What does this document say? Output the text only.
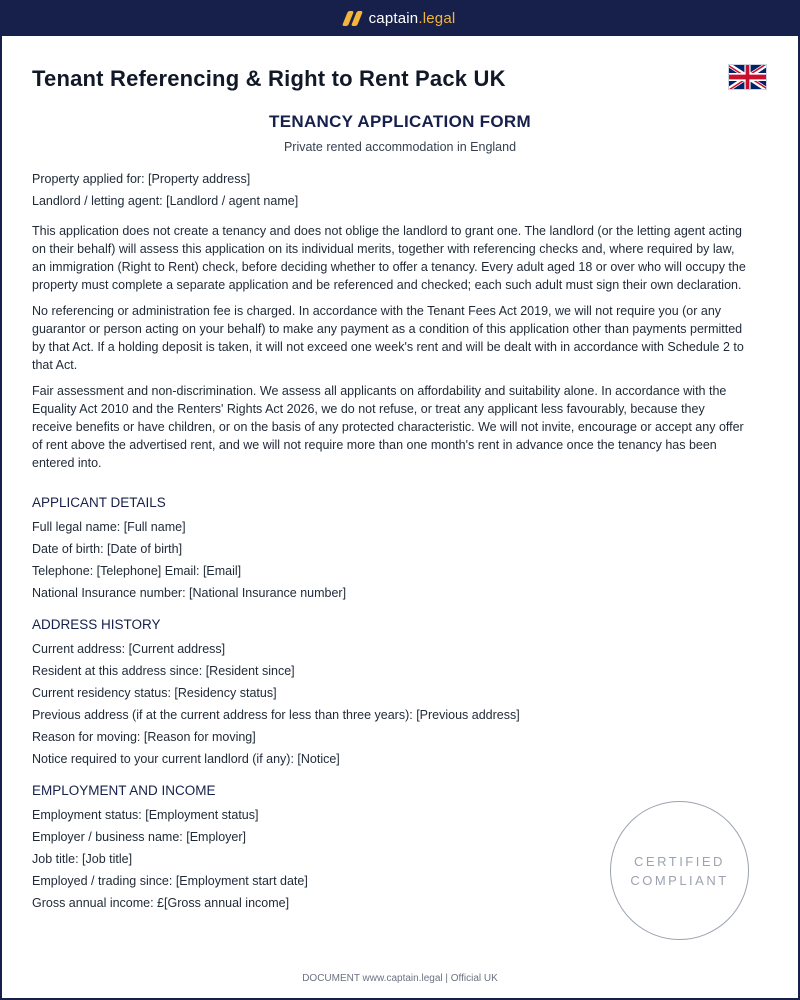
captain.legal
Tenant Referencing & Right to Rent Pack UK
TENANCY APPLICATION FORM

Private rented accommodation in England

Property applied for: [Property address]
Landlord / letting agent: [Landlord / agent name]

This application does not create a tenancy and does not oblige the landlord to grant one. The landlord (or the letting agent acting on their behalf) will assess this application on its individual merits, together with referencing checks and, where required by law, an immigration (Right to Rent) check, before deciding whether to offer a tenancy. Every adult aged 18 or over who will occupy the property must complete a separate application and be referenced and checked; each such adult must sign their own declaration.

No referencing or administration fee is charged. In accordance with the Tenant Fees Act 2019, we will not require you (or any guarantor or person acting on your behalf) to make any payment as a condition of this application other than payments permitted by that Act. If a holding deposit is taken, it will not exceed one week's rent and will be dealt with in accordance with Schedule 2 to that Act.

Fair assessment and non-discrimination. We assess all applicants on affordability and suitability alone. In accordance with the Equality Act 2010 and the Renters' Rights Act 2026, we do not refuse, or treat any applicant less favourably, because they receive benefits or have children, or on the basis of any protected characteristic. We will not invite, encourage or accept any offer of rent above the advertised rent, and we will not require more than one month's rent in advance once the tenancy has been entered into.

APPLICANT DETAILS
Full legal name: [Full name]
Date of birth: [Date of birth]
Telephone: [Telephone] Email: [Email]
National Insurance number: [National Insurance number]
ADDRESS HISTORY
Current address: [Current address]
Resident at this address since: [Resident since]
Current residency status: [Residency status]
Previous address (if at the current address for less than three years): [Previous address]
Reason for moving: [Reason for moving]
Notice required to your current landlord (if any): [Notice]
EMPLOYMENT AND INCOME
Employment status: [Employment status]
Employer / business name: [Employer]
Job title: [Job title]
Employed / trading since: [Employment start date]
Gross annual income: £[Gross annual income]
CERTIFIED
COMPLIANT
DOCUMENT www.captain.legal | Official UK
